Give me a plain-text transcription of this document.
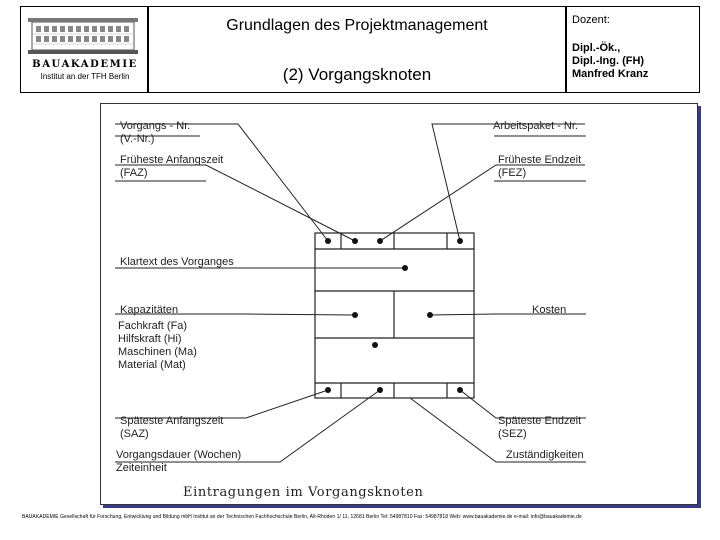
BAUAKADEMIE
Institut an der TFH Berlin
Grundlagen des Projektmanagement
(2) Vorgangsknoten
Dozent:
Dipl.-Ök.,
Dipl.-Ing. (FH)
Manfred Kranz
Vorgangs - Nr.
(V.-Nr.)
Früheste Anfangszeit
(FAZ)
Arbeitspaket - Nr.
Früheste Endzeit
(FEZ)
Klartext des Vorganges
Kapazitäten
Fachkraft (Fa)
Hilfskraft (Hi)
Maschinen (Ma)
Material (Mat)
Kosten
Späteste Anfangszeit
(SAZ)
Späteste Endzeit
(SEZ)
Vorgangsdauer (Wochen)
Zeiteinheit
Zuständigkeiten
Eintragungen im Vorgangsknoten
BAUAKADEMIE Gesellschaft für Forschung, Entwicklung und Bildung mbH Institut an der Technischen Fachhochschule Berlin, Alt-Rhoden 1/ 11, 12681 Berlin Tel: 54987810 Fax: 54987818 Web: www.bauakademie.de e-mail: info@bauakademie.de
